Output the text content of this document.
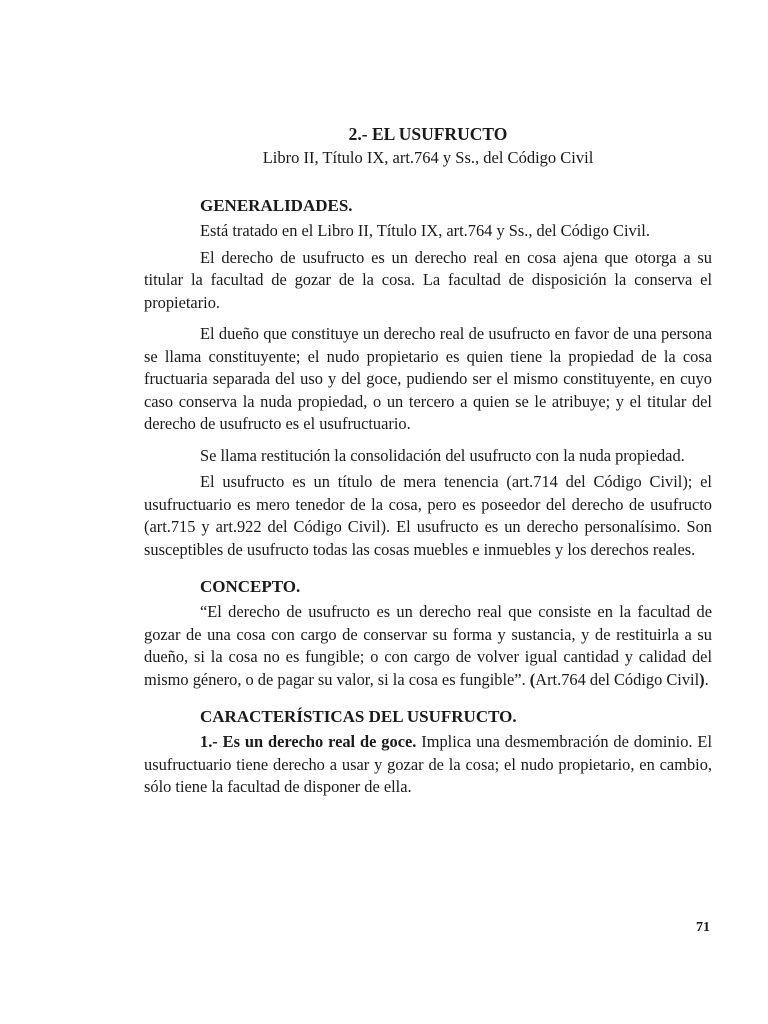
2.- EL USUFRUCTO
Libro II, Título IX, art.764 y Ss., del Código Civil
GENERALIDADES.

Está tratado en el Libro II, Título IX, art.764 y Ss., del Código Civil.

El derecho de usufructo es un derecho real en cosa ajena que otorga a su titular la facultad de gozar de la cosa. La facultad de disposición la conserva el propietario.

El dueño que constituye un derecho real de usufructo en favor de una persona se llama constituyente; el nudo propietario es quien tiene la propiedad de la cosa fructuaria separada del uso y del goce, pudiendo ser el mismo constituyente, en cuyo caso conserva la nuda propiedad, o un tercero a quien se le atribuye; y el titular del derecho de usufructo es el usufructuario.

Se llama restitución la consolidación del usufructo con la nuda propiedad.

El usufructo es un título de mera tenencia (art.714 del Código Civil); el usufructuario es mero tenedor de la cosa, pero es poseedor del derecho de usufructo (art.715 y art.922 del Código Civil). El usufructo es un derecho personalísimo. Son susceptibles de usufructo todas las cosas muebles e inmuebles y los derechos reales.

CONCEPTO.

“El derecho de usufructo es un derecho real que consiste en la facultad de gozar de una cosa con cargo de conservar su forma y sustancia, y de restituirla a su dueño, si la cosa no es fungible; o con cargo de volver igual cantidad y calidad del mismo género, o de pagar su valor, si la cosa es fungible”. (Art.764 del Código Civil).

CARACTERÍSTICAS DEL USUFRUCTO.

1.- Es un derecho real de goce. Implica una desmembración de dominio. El usufructuario tiene derecho a usar y gozar de la cosa; el nudo propietario, en cambio, sólo tiene la facultad de disponer de ella.

71
